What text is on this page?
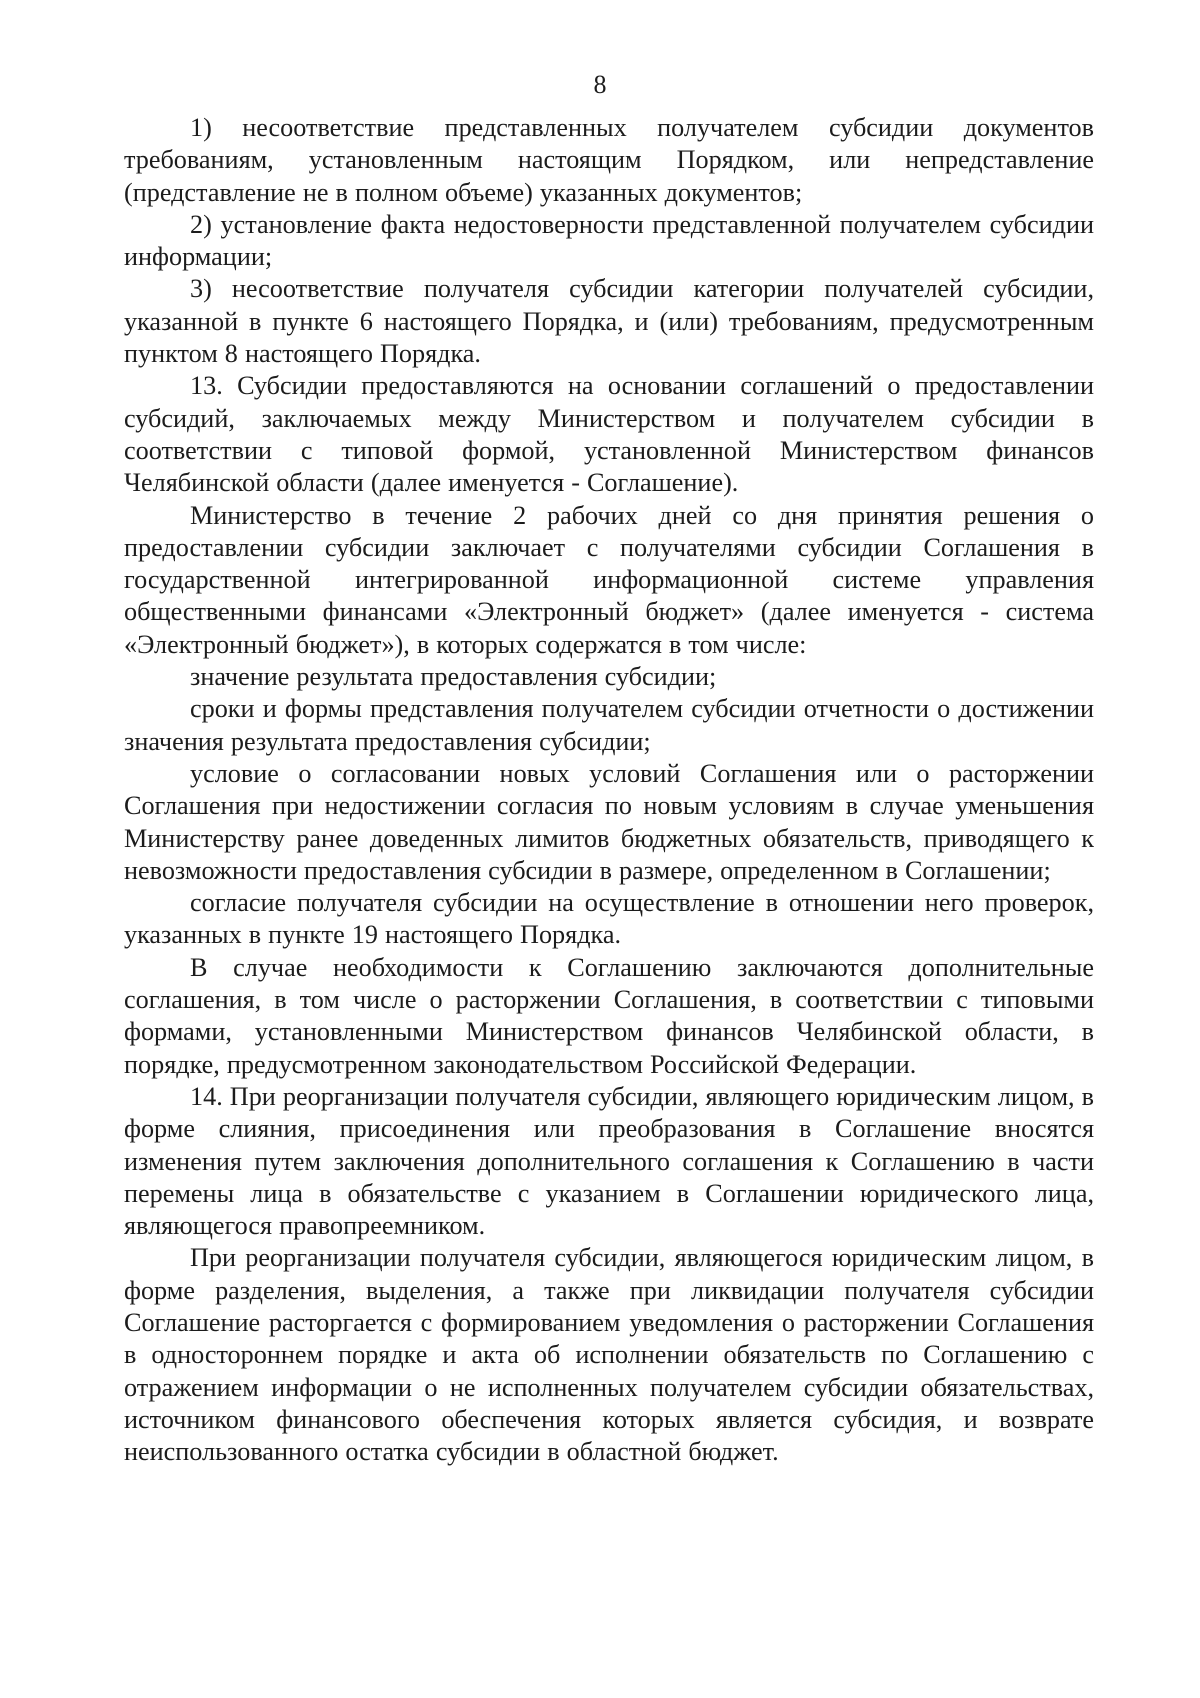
8

1) несоответствие представленных получателем субсидии документов требованиям, установленным настоящим Порядком, или непредставление (представление не в полном объеме) указанных документов;

2) установление факта недостоверности представленной получателем субсидии информации;

3) несоответствие получателя субсидии категории получателей субсидии, указанной в пункте 6 настоящего Порядка, и (или) требованиям, предусмотренным пунктом 8 настоящего Порядка.

13. Субсидии предоставляются на основании соглашений о предоставлении субсидий, заключаемых между Министерством и получателем субсидии в соответствии с типовой формой, установленной Министерством финансов Челябинской области (далее именуется - Соглашение).

Министерство в течение 2 рабочих дней со дня принятия решения о предоставлении субсидии заключает с получателями субсидии Соглашения в государственной интегрированной информационной системе управления общественными финансами «Электронный бюджет» (далее именуется - система «Электронный бюджет»), в которых содержатся в том числе:

значение результата предоставления субсидии;

сроки и формы представления получателем субсидии отчетности о достижении значения результата предоставления субсидии;

условие о согласовании новых условий Соглашения или о расторжении Соглашения при недостижении согласия по новым условиям в случае уменьшения Министерству ранее доведенных лимитов бюджетных обязательств, приводящего к невозможности предоставления субсидии в размере, определенном в Соглашении;

согласие получателя субсидии на осуществление в отношении него проверок, указанных в пункте 19 настоящего Порядка.

В случае необходимости к Соглашению заключаются дополнительные соглашения, в том числе о расторжении Соглашения, в соответствии с типовыми формами, установленными Министерством финансов Челябинской области, в порядке, предусмотренном законодательством Российской Федерации.

14. При реорганизации получателя субсидии, являющего юридическим лицом, в форме слияния, присоединения или преобразования в Соглашение вносятся изменения путем заключения дополнительного соглашения к Соглашению в части перемены лица в обязательстве с указанием в Соглашении юридического лица, являющегося правопреемником.

При реорганизации получателя субсидии, являющегося юридическим лицом, в форме разделения, выделения, а также при ликвидации получателя субсидии Соглашение расторгается с формированием уведомления о расторжении Соглашения в одностороннем порядке и акта об исполнении обязательств по Соглашению с отражением информации о не исполненных получателем субсидии обязательствах, источником финансового обеспечения которых является субсидия, и возврате неиспользованного остатка субсидии в областной бюджет.
